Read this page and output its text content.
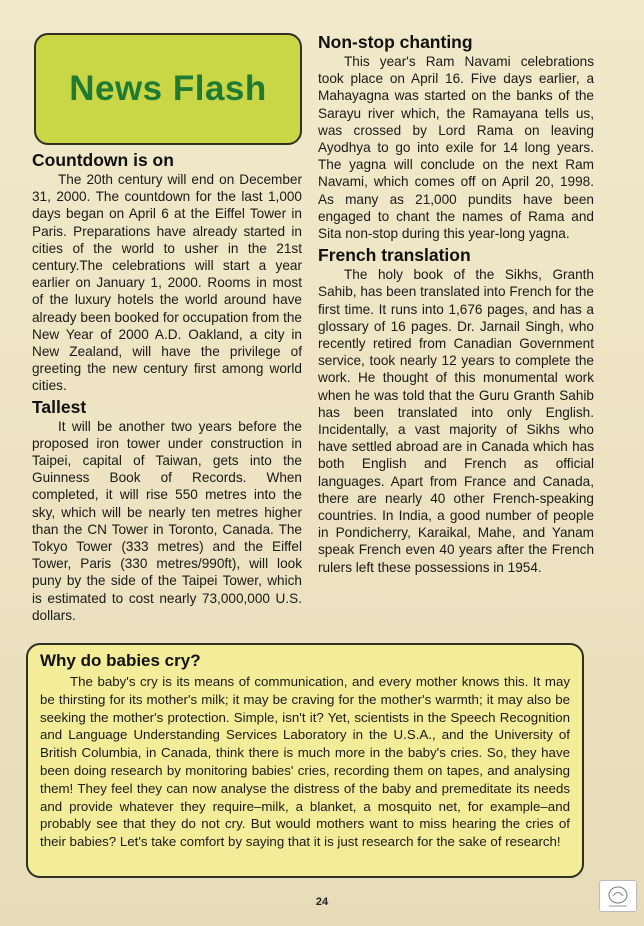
News Flash
Countdown is on

The 20th century will end on December 31, 2000. The countdown for the last 1,000 days began on April 6 at the Eiffel Tower in Paris. Preparations have already started in cities of the world to usher in the 21st century.The celebrations will start a year earlier on January 1, 2000. Rooms in most of the luxury hotels the world around have already been booked for occupation from the New Year of 2000 A.D. Oakland, a city in New Zealand, will have the privilege of greeting the new century first among world cities.

Tallest

It will be another two years before the proposed iron tower under construction in Taipei, capital of Taiwan, gets into the Guinness Book of Records. When completed, it will rise 550 metres into the sky, which will be nearly ten metres higher than the CN Tower in Toronto, Canada. The Tokyo Tower (333 metres) and the Eiffel Tower, Paris (330 metres/990ft), will look puny by the side of the Taipei Tower, which is estimated to cost nearly 73,000,000 U.S. dollars.

Non-stop chanting

This year's Ram Navami celebrations took place on April 16. Five days earlier, a Mahayagna was started on the banks of the Sarayu river which, the Ramayana tells us, was crossed by Lord Rama on leaving Ayodhya to go into exile for 14 long years. The yagna will conclude on the next Ram Navami, which comes off on April 20, 1998. As many as 21,000 pundits have been engaged to chant the names of Rama and Sita non-stop during this year-long yagna.

French translation

The holy book of the Sikhs, Granth Sahib, has been translated into French for the first time. It runs into 1,676 pages, and has a glossary of 16 pages. Dr. Jarnail Singh, who recently retired from Canadian Government service, took nearly 12 years to complete the work. He thought of this monumental work when he was told that the Guru Granth Sahib has been translated into only English. Incidentally, a vast majority of Sikhs who have settled abroad are in Canada which has both English and French as official languages. Apart from France and Canada, there are nearly 40 other French-speaking countries. In India, a good number of people in Pondicherry, Karaikal, Mahe, and Yanam speak French even 40 years after the French rulers left these possessions in 1954.

Why do babies cry?

The baby's cry is its means of communication, and every mother knows this. It may be thirsting for its mother's milk; it may be craving for the mother's warmth; it may also be seeking the mother's protection. Simple, isn't it? Yet, scientists in the Speech Recognition and Language Understanding Services Laboratory in the U.S.A., and the University of British Columbia, in Canada, think there is much more in the baby's cries. So, they have been doing research by monitoring babies' cries, recording them on tapes, and analysing them! They feel they can now analyse the distress of the baby and premeditate its needs and provide whatever they require–milk, a blanket, a mosquito net, for example–and probably see that they do not cry. But would mothers want to miss hearing the cries of their babies? Let's take comfort by saying that it is just research for the sake of research!

24
